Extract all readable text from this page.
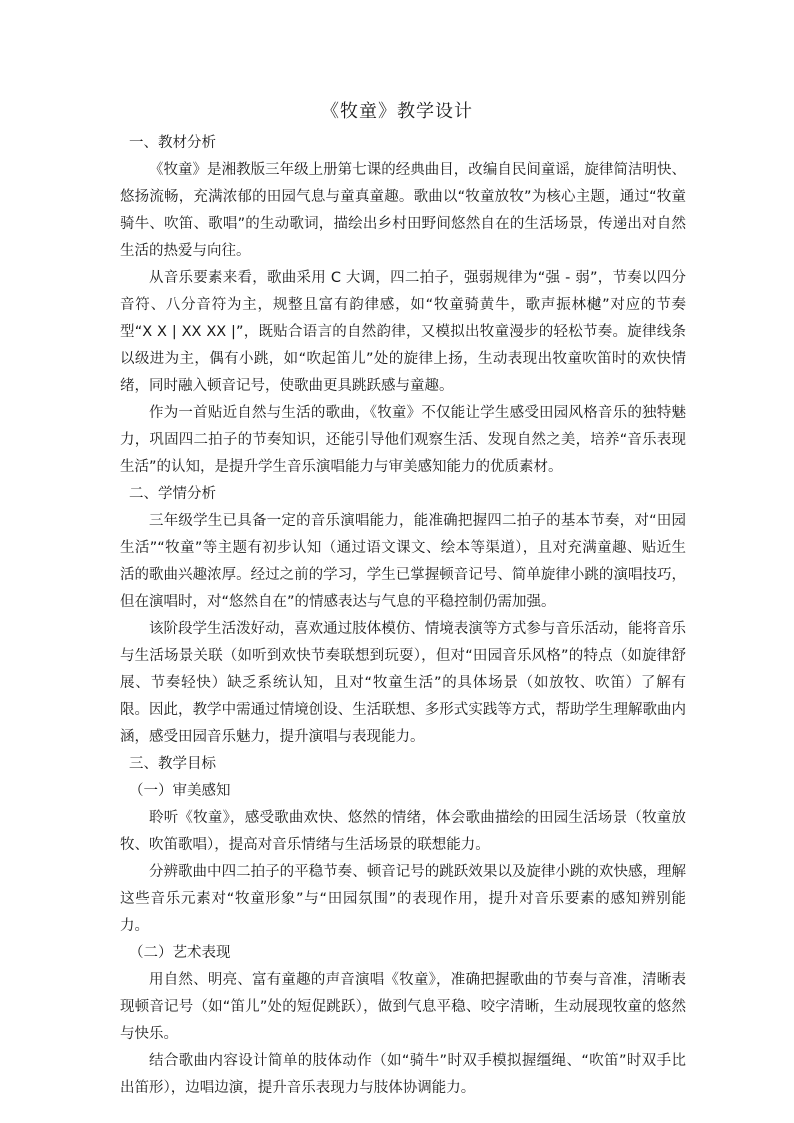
《牧童》教学设计
一、教材分析

《牧童》是湘教版三年级上册第七课的经典曲目，改编自民间童谣，旋律简洁明快、悠扬流畅，充满浓郁的田园气息与童真童趣。歌曲以“牧童放牧”为核心主题，通过“牧童骑牛、吹笛、歌唱”的生动歌词，描绘出乡村田野间悠然自在的生活场景，传递出对自然生活的热爱与向往。

从音乐要素来看，歌曲采用 C 大调，四二拍子，强弱规律为“强 - 弱”，节奏以四分音符、八分音符为主，规整且富有韵律感，如“牧童骑黄牛，歌声振林樾”对应的节奏型“X X | XX XX |”，既贴合语言的自然韵律，又模拟出牧童漫步的轻松节奏。旋律线条以级进为主，偶有小跳，如“吹起笛儿”处的旋律上扬，生动表现出牧童吹笛时的欢快情绪，同时融入顿音记号，使歌曲更具跳跃感与童趣。

作为一首贴近自然与生活的歌曲，《牧童》不仅能让学生感受田园风格音乐的独特魅力，巩固四二拍子的节奏知识，还能引导他们观察生活、发现自然之美，培养“音乐表现生活”的认知，是提升学生音乐演唱能力与审美感知能力的优质素材。

二、学情分析

三年级学生已具备一定的音乐演唱能力，能准确把握四二拍子的基本节奏，对“田园生活”“牧童”等主题有初步认知（通过语文课文、绘本等渠道），且对充满童趣、贴近生活的歌曲兴趣浓厚。经过之前的学习，学生已掌握顿音记号、简单旋律小跳的演唱技巧，但在演唱时，对“悠然自在”的情感表达与气息的平稳控制仍需加强。

该阶段学生活泼好动，喜欢通过肢体模仿、情境表演等方式参与音乐活动，能将音乐与生活场景关联（如听到欢快节奏联想到玩耍），但对“田园音乐风格”的特点（如旋律舒展、节奏轻快）缺乏系统认知，且对“牧童生活”的具体场景（如放牧、吹笛）了解有限。因此，教学中需通过情境创设、生活联想、多形式实践等方式，帮助学生理解歌曲内涵，感受田园音乐魅力，提升演唱与表现能力。

三、教学目标
（一）审美感知

聆听《牧童》，感受歌曲欢快、悠然的情绪，体会歌曲描绘的田园生活场景（牧童放牧、吹笛歌唱），提高对音乐情绪与生活场景的联想能力。

分辨歌曲中四二拍子的平稳节奏、顿音记号的跳跃效果以及旋律小跳的欢快感，理解这些音乐元素对“牧童形象”与“田园氛围”的表现作用，提升对音乐要素的感知辨别能力。

（二）艺术表现

用自然、明亮、富有童趣的声音演唱《牧童》，准确把握歌曲的节奏与音准，清晰表现顿音记号（如“笛儿”处的短促跳跃），做到气息平稳、咬字清晰，生动展现牧童的悠然与快乐。

结合歌曲内容设计简单的肢体动作（如“骑牛”时双手模拟握缰绳、“吹笛”时双手比出笛形），边唱边演，提升音乐表现力与肢体协调能力。
